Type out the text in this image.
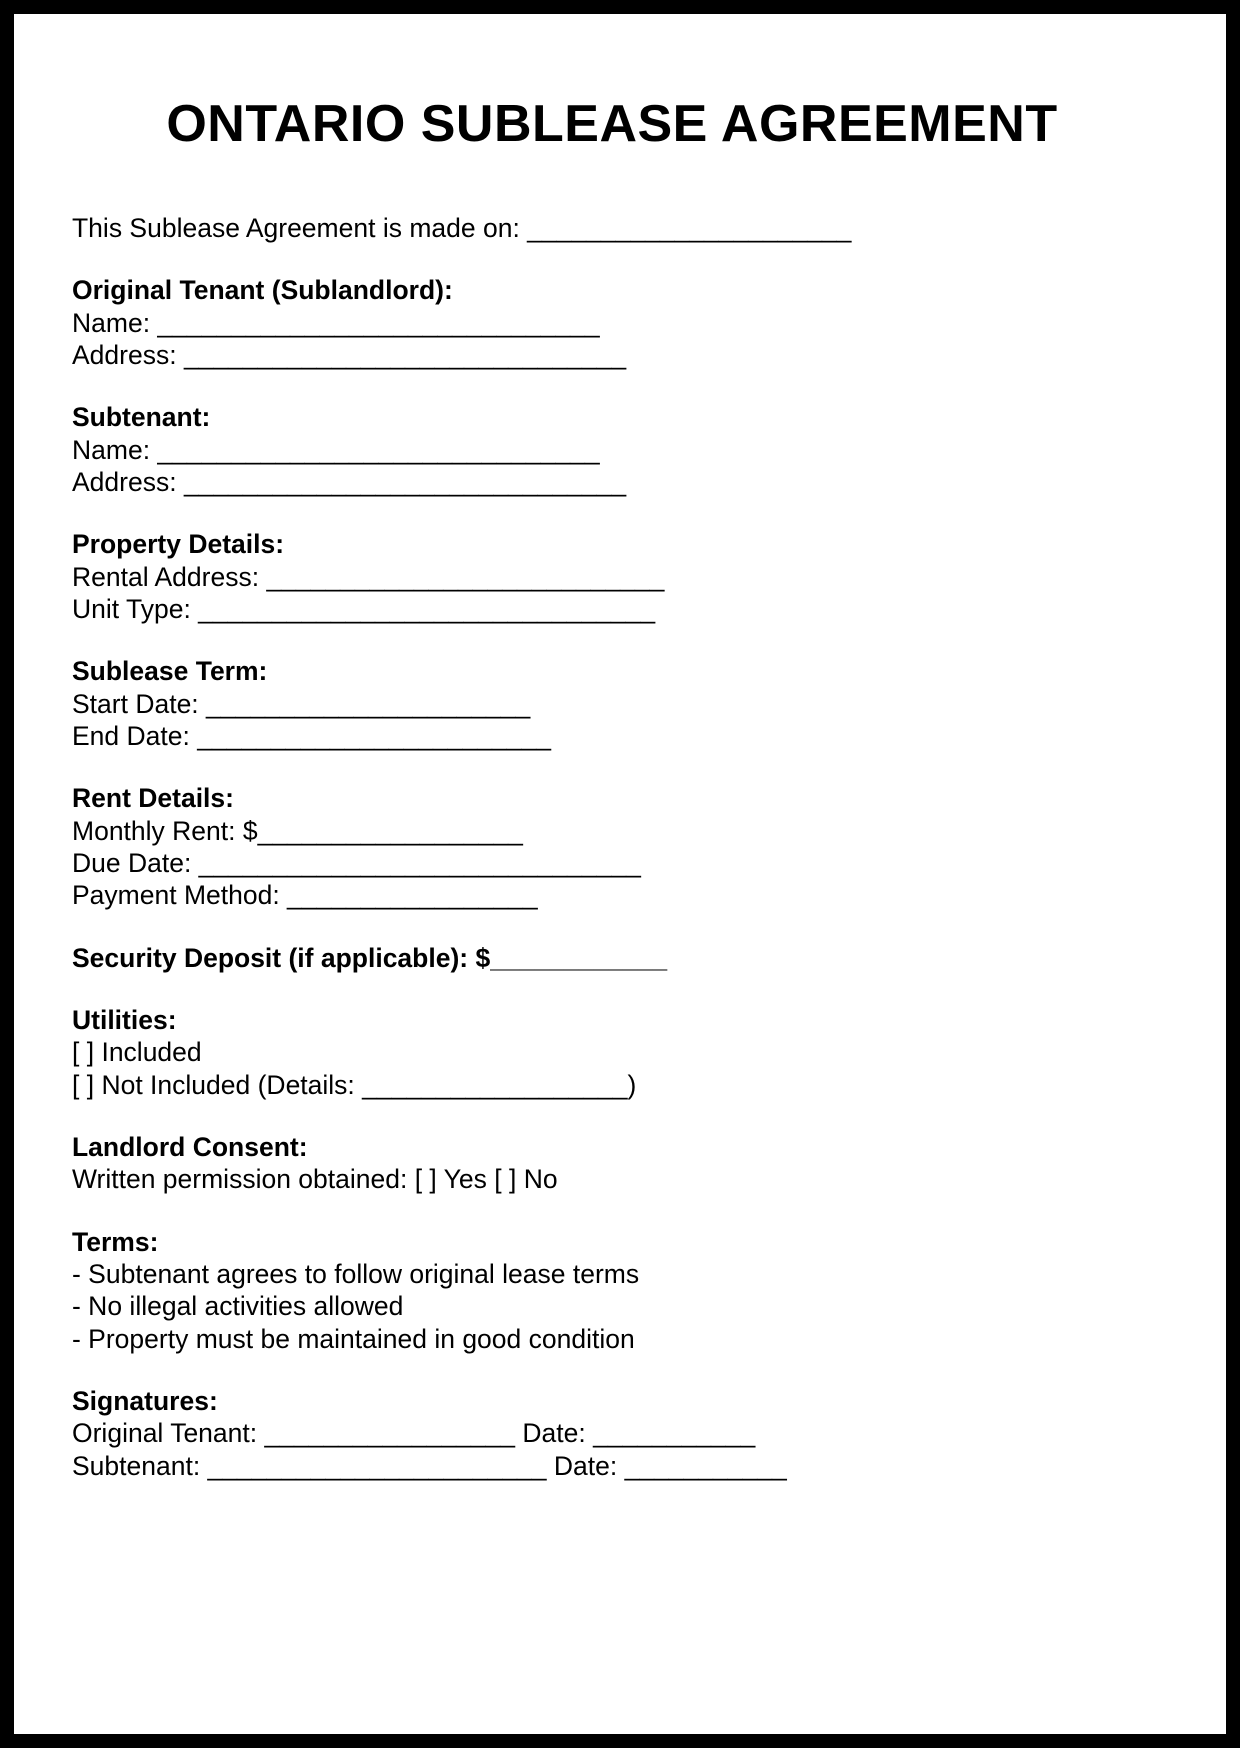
ONTARIO SUBLEASE AGREEMENT
This Sublease Agreement is made on: ______________________
Original Tenant (Sublandlord):
Name: ______________________________
Address: ______________________________
Subtenant:
Name: ______________________________
Address: ______________________________
Property Details:
Rental Address: ___________________________
Unit Type: _______________________________
Sublease Term:
Start Date: ______________________
End Date: ________________________
Rent Details:
Monthly Rent: $__________________
Due Date: ______________________________
Payment Method: _________________
Security Deposit (if applicable): $____________
Utilities:
[ ] Included
[ ] Not Included (Details: __________________)
Landlord Consent:
Written permission obtained: [ ] Yes [ ] No
Terms:
- Subtenant agrees to follow original lease terms
- No illegal activities allowed
- Property must be maintained in good condition
Signatures:
Original Tenant: _________________ Date: ___________
Subtenant: _______________________ Date: ___________
